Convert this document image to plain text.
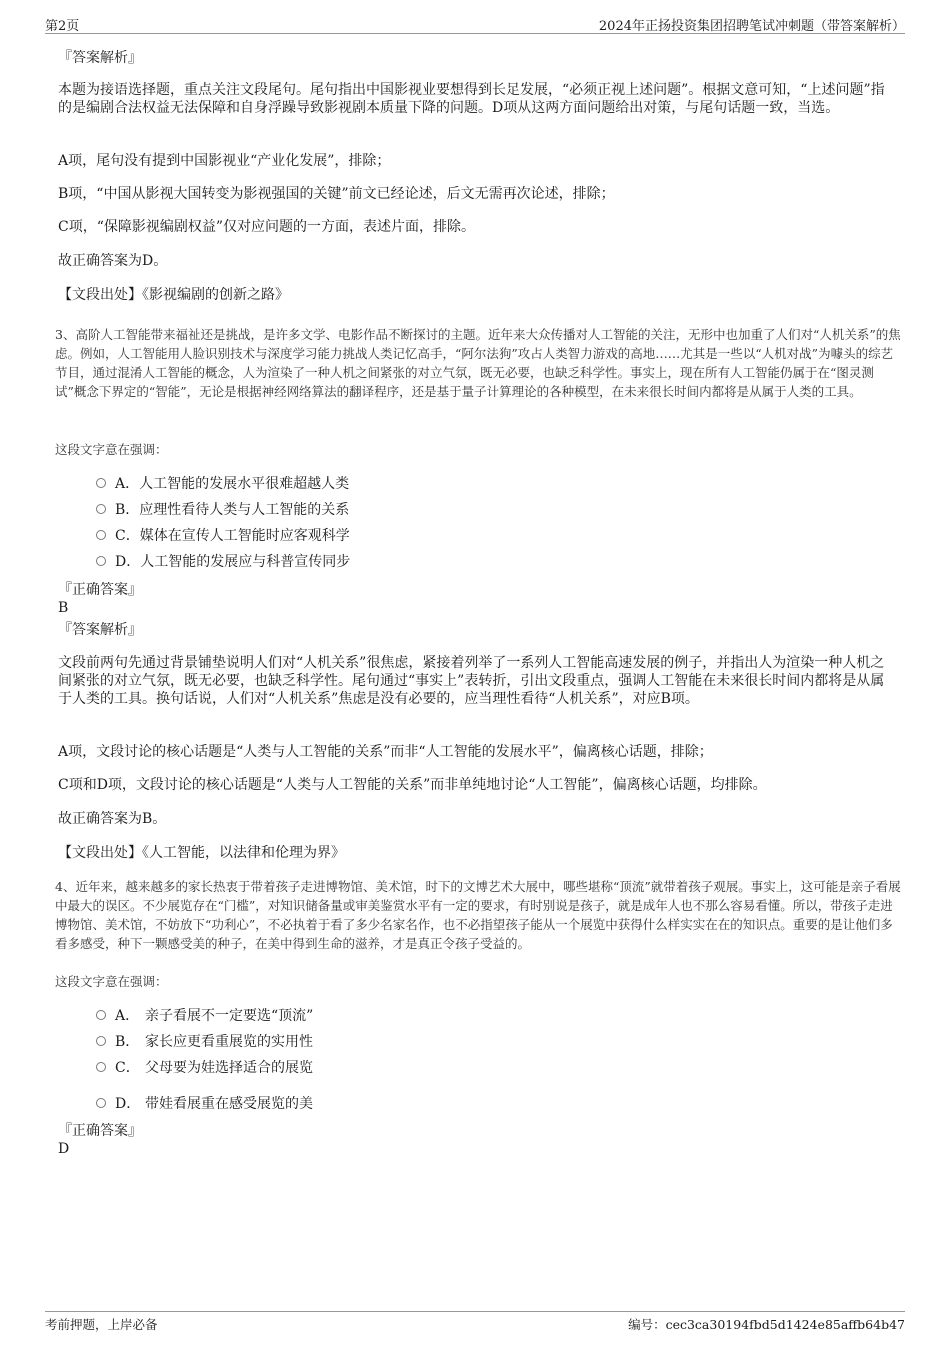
第2页	2024年正扬投资集团招聘笔试冲刺题（带答案解析）
『答案解析』
本题为接语选择题，重点关注文段尾句。尾句指出中国影视业要想得到长足发展，“必须正视上述问题”。根据文意可知，“上述问题”指的是编剧合法权益无法保障和自身浮躁导致影视剧本质量下降的问题。D项从这两方面问题给出对策，与尾句话题一致，当选。
A项，尾句没有提到中国影视业“产业化发展”，排除；
B项，“中国从影视大国转变为影视强国的关键”前文已经论述，后文无需再次论述，排除；
C项，“保障影视编剧权益”仅对应问题的一方面，表述片面，排除。
故正确答案为D。
【文段出处】《影视编剧的创新之路》
3、高阶人工智能带来福祉还是挑战，是许多文学、电影作品不断探讨的主题。近年来大众传播对人工智能的关注，无形中也加重了人们对“人机关系”的焦虑。例如，人工智能用人脸识别技术与深度学习能力挑战人类记忆高手，“阿尔法狗”攻占人类智力游戏的高地……尤其是一些以“人机对战”为噱头的综艺节目，通过混淆人工智能的概念，人为渲染了一种人机之间紧张的对立气氛，既无必要，也缺乏科学性。事实上，现在所有人工智能仍属于在“图灵测试”概念下界定的“智能”，无论是根据神经网络算法的翻译程序，还是基于量子计算理论的各种模型，在未来很长时间内都将是从属于人类的工具。
这段文字意在强调：
A．人工智能的发展水平很难超越人类
B．应理性看待人类与人工智能的关系
C．媒体在宣传人工智能时应客观科学
D．人工智能的发展应与科普宣传同步
『正确答案』
B
『答案解析』
文段前两句先通过背景铺垫说明人们对“人机关系”很焦虑，紧接着列举了一系列人工智能高速发展的例子，并指出人为渲染一种人机之间紧张的对立气氛，既无必要，也缺乏科学性。尾句通过“事实上”表转折，引出文段重点，强调人工智能在未来很长时间内都将是从属于人类的工具。换句话说，人们对“人机关系”焦虑是没有必要的，应当理性看待“人机关系”，对应B项。
A项，文段讨论的核心话题是“人类与人工智能的关系”而非“人工智能的发展水平”，偏离核心话题，排除；
C项和D项，文段讨论的核心话题是“人类与人工智能的关系”而非单纯地讨论“人工智能”，偏离核心话题，均排除。
故正确答案为B。
【文段出处】《人工智能，以法律和伦理为界》
4、近年来，越来越多的家长热衷于带着孩子走进博物馆、美术馆，时下的文博艺术大展中，哪些堪称“顶流”就带着孩子观展。事实上，这可能是亲子看展中最大的误区。不少展览存在“门槛”，对知识储备量或审美鉴赏水平有一定的要求，有时别说是孩子，就是成年人也不那么容易看懂。所以，带孩子走进博物馆、美术馆，不妨放下“功利心”，不必执着于看了多少名家名作，也不必指望孩子能从一个展览中获得什么样实实在在的知识点。重要的是让他们多看多感受，种下一颗感受美的种子，在美中得到生命的滋养，才是真正令孩子受益的。
这段文字意在强调：
A． 亲子看展不一定要选“顶流”
B． 家长应更看重展览的实用性
C． 父母要为娃选择适合的展览
D． 带娃看展重在感受展览的美
『正确答案』
D
考前押题，上岸必备	编号：cec3ca30194fbd5d1424e85affb64b47
